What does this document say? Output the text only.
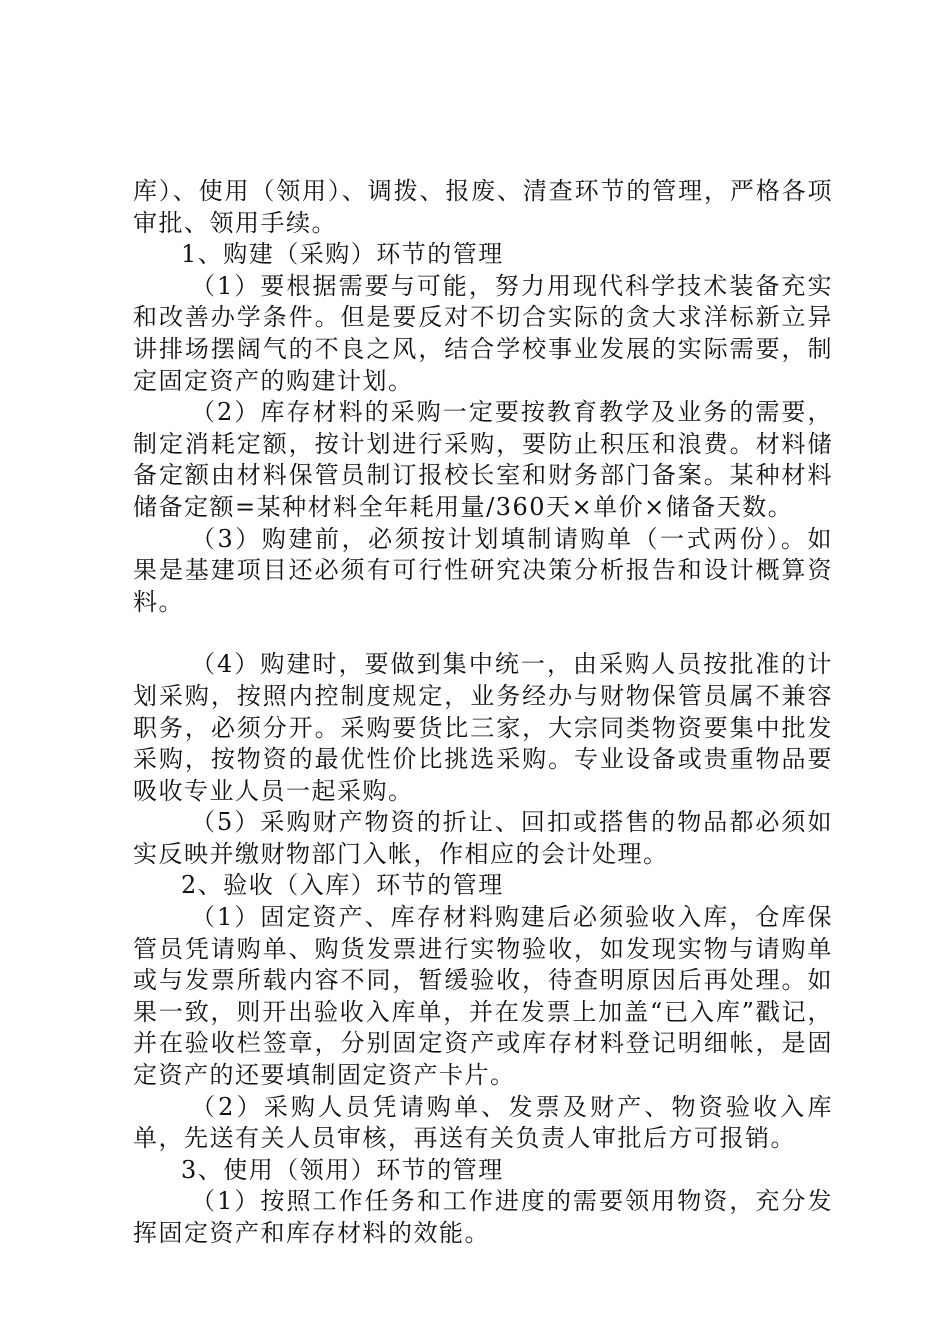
库）、使用（领用）、调拨、报废、清查环节的管理，严格各项审批、领用手续。

1、购建（采购）环节的管理

（1）要根据需要与可能，努力用现代科学技术装备充实和改善办学条件。但是要反对不切合实际的贪大求洋标新立异讲排场摆阔气的不良之风，结合学校事业发展的实际需要，制定固定资产的购建计划。

（2）库存材料的采购一定要按教育教学及业务的需要，制定消耗定额，按计划进行采购，要防止积压和浪费。材料储备定额由材料保管员制订报校长室和财务部门备案。某种材料储备定额=某种材料全年耗用量/360天×单价×储备天数。

（3）购建前，必须按计划填制请购单（一式两份）。如果是基建项目还必须有可行性研究决策分析报告和设计概算资料。

（4）购建时，要做到集中统一，由采购人员按批准的计划采购，按照内控制度规定，业务经办与财物保管员属不兼容职务，必须分开。采购要货比三家，大宗同类物资要集中批发采购，按物资的最优性价比挑选采购。专业设备或贵重物品要吸收专业人员一起采购。

（5）采购财产物资的折让、回扣或搭售的物品都必须如实反映并缴财物部门入帐，作相应的会计处理。

2、验收（入库）环节的管理

（1）固定资产、库存材料购建后必须验收入库，仓库保管员凭请购单、购货发票进行实物验收，如发现实物与请购单或与发票所载内容不同，暂缓验收，待查明原因后再处理。如果一致，则开出验收入库单，并在发票上加盖“已入库”戳记，并在验收栏签章，分别固定资产或库存材料登记明细帐，是固定资产的还要填制固定资产卡片。

（2）采购人员凭请购单、发票及财产、物资验收入库单，先送有关人员审核，再送有关负责人审批后方可报销。

3、使用（领用）环节的管理

（1）按照工作任务和工作进度的需要领用物资，充分发挥固定资产和库存材料的效能。
